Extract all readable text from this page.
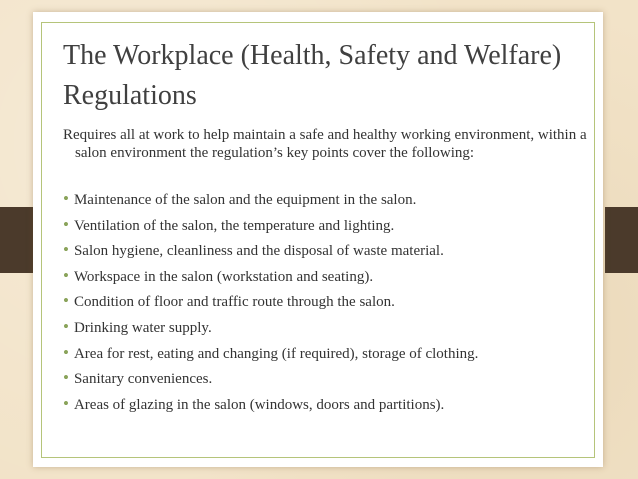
The Workplace (Health, Safety and Welfare) Regulations

Requires all at work to help maintain a safe and healthy working environment, within a salon environment the regulation’s key points cover the following:

• Maintenance of the salon and the equipment in the salon.
• Ventilation of the salon, the temperature and lighting.
• Salon hygiene, cleanliness and the disposal of waste material.
• Workspace in the salon (workstation and seating).
• Condition of floor and traffic route through the salon.
• Drinking water supply.
• Area for rest, eating and changing (if required), storage of clothing.
• Sanitary conveniences.
• Areas of glazing in the salon (windows, doors and partitions).
